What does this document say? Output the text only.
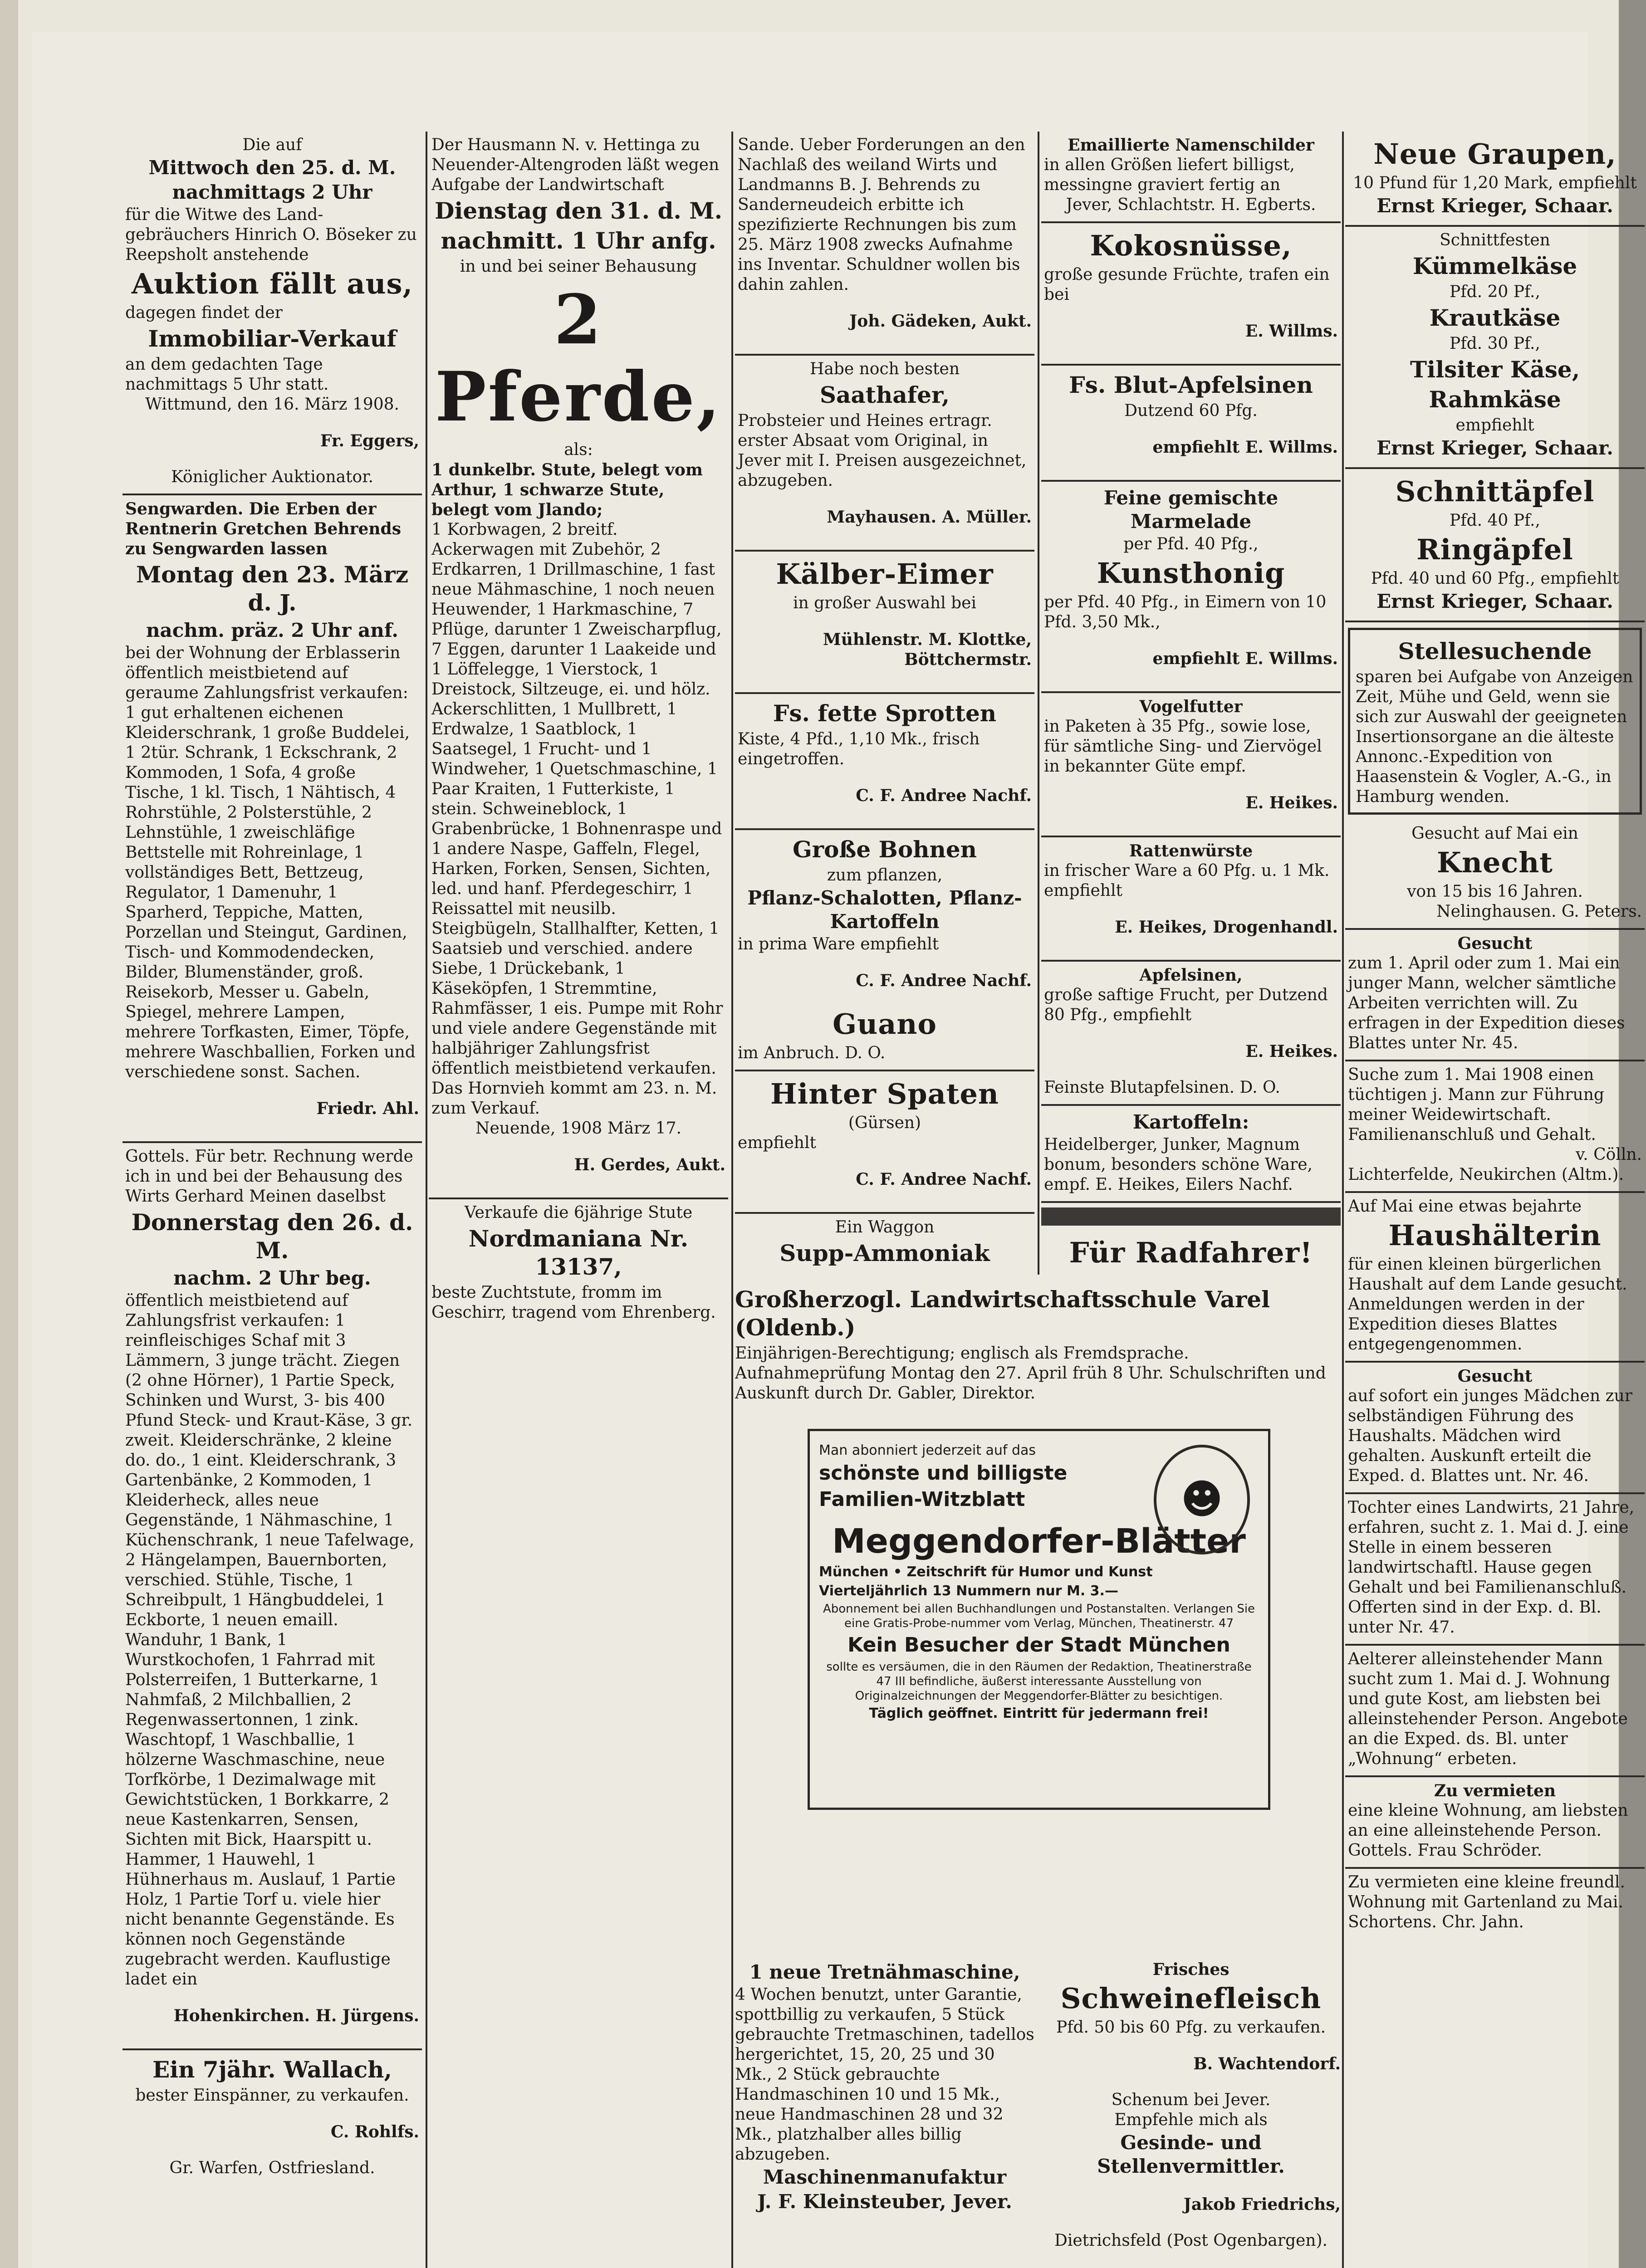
Die auf

Mittwoch den 25. d. M.

nachmittags 2 Uhr

für die Witwe des Land-gebräuchers Hinrich O. Böseker zu Reepsholt anstehende

Auktion fällt aus,

dagegen findet der

Immobiliar-Verkauf

an dem gedachten Tage nachmittags 5 Uhr statt.

Wittmund, den 16. März 1908.

Fr. Eggers,

Königlicher Auktionator.

Sengwarden. Die Erben der Rentnerin Gretchen Behrends zu Sengwarden lassen

Montag den 23. März d. J.

nachm. präz. 2 Uhr anf.

bei der Wohnung der Erblasserin öffentlich meistbietend auf geraume Zahlungsfrist verkaufen: 1 gut erhaltenen eichenen Kleiderschrank, 1 große Buddelei, 1 2tür. Schrank, 1 Eckschrank, 2 Kommoden, 1 Sofa, 4 große Tische, 1 kl. Tisch, 1 Nähtisch, 4 Rohrstühle, 2 Polsterstühle, 2 Lehnstühle, 1 zweischläfige Bettstelle mit Rohreinlage, 1 vollständiges Bett, Bettzeug, Regulator, 1 Damenuhr, 1 Sparherd, Teppiche, Matten, Porzellan und Steingut, Gardinen, Tisch- und Kommodendecken, Bilder, Blumenständer, groß. Reisekorb, Messer u. Gabeln, Spiegel, mehrere Lampen, mehrere Torfkasten, Eimer, Töpfe, mehrere Waschballien, Forken und verschiedene sonst. Sachen.

Friedr. Ahl.

Gottels. Für betr. Rechnung werde ich in und bei der Behausung des Wirts Gerhard Meinen daselbst

Donnerstag den 26. d. M.

nachm. 2 Uhr beg.

öffentlich meistbietend auf Zahlungsfrist verkaufen: 1 reinfleischiges Schaf mit 3 Lämmern, 3 junge trächt. Ziegen (2 ohne Hörner), 1 Partie Speck, Schinken und Wurst, 3- bis 400 Pfund Steck- und Kraut-Käse, 3 gr. zweit. Kleiderschränke, 2 kleine do. do., 1 eint. Kleiderschrank, 3 Gartenbänke, 2 Kommoden, 1 Kleiderheck, alles neue Gegenstände, 1 Nähmaschine, 1 Küchenschrank, 1 neue Tafelwage, 2 Hängelampen, Bauernborten, verschied. Stühle, Tische, 1 Schreibpult, 1 Hängbuddelei, 1 Eckborte, 1 neuen emaill. Wanduhr, 1 Bank, 1 Wurstkochofen, 1 Fahrrad mit Polsterreifen, 1 Butterkarne, 1 Nahmfaß, 2 Milchballien, 2 Regenwassertonnen, 1 zink. Waschtopf, 1 Waschballie, 1 hölzerne Waschmaschine, neue Torfkörbe, 1 Dezimalwage mit Gewichtstücken, 1 Borkkarre, 2 neue Kastenkarren, Sensen, Sichten mit Bick, Haarspitt u. Hammer, 1 Hauwehl, 1 Hühnerhaus m. Auslauf, 1 Partie Holz, 1 Partie Torf u. viele hier nicht benannte Gegenstände. Es können noch Gegenstände zugebracht werden. Kauflustige ladet ein

Hohenkirchen. H. Jürgens.

Ein 7jähr. Wallach,

bester Einspänner, zu verkaufen.

C. Rohlfs.

Gr. Warfen, Ostfriesland.

Der Hausmann N. v. Hettinga zu Neuender-Altengroden läßt wegen Aufgabe der Landwirtschaft

Dienstag den 31. d. M.

nachmitt. 1 Uhr anfg.

in und bei seiner Behausung

2 Pferde,

als:

1 dunkelbr. Stute, belegt vom Arthur, 1 schwarze Stute, belegt vom Jlando;

1 Korbwagen, 2 breitf. Ackerwagen mit Zubehör, 2 Erdkarren, 1 Drillmaschine, 1 fast neue Mähmaschine, 1 noch neuen Heuwender, 1 Harkmaschine, 7 Pflüge, darunter 1 Zweischarpflug, 7 Eggen, darunter 1 Laakeide und 1 Löffelegge, 1 Vierstock, 1 Dreistock, Siltzeuge, ei. und hölz. Ackerschlitten, 1 Mullbrett, 1 Erdwalze, 1 Saatblock, 1 Saatsegel, 1 Frucht- und 1 Windweher, 1 Quetschmaschine, 1 Paar Kraiten, 1 Futterkiste, 1 stein. Schweineblock, 1 Grabenbrücke, 1 Bohnenraspe und 1 andere Naspe, Gaffeln, Flegel, Harken, Forken, Sensen, Sichten, led. und hanf. Pferdegeschirr, 1 Reissattel mit neusilb. Steigbügeln, Stallhalfter, Ketten, 1 Saatsieb und verschied. andere Siebe, 1 Drückebank, 1 Käseköpfen, 1 Stremmtine, Rahmfässer, 1 eis. Pumpe mit Rohr und viele andere Gegenstände mit halbjähriger Zahlungsfrist öffentlich meistbietend verkaufen. Das Hornvieh kommt am 23. n. M. zum Verkauf.

Neuende, 1908 März 17.

H. Gerdes, Aukt.

Verkaufe die 6jährige Stute

Nordmaniana Nr. 13137,

beste Zuchtstute, fromm im Geschirr, tragend vom Ehrenberg.

Sande. Ueber Forderungen an den Nachlaß des weiland Wirts und Landmanns B. J. Behrends zu Sanderneudeich erbitte ich spezifizierte Rechnungen bis zum 25. März 1908 zwecks Aufnahme ins Inventar. Schuldner wollen bis dahin zahlen.

Joh. Gädeken, Aukt.

Habe noch besten

Saathafer,

Probsteier und Heines ertragr. erster Absaat vom Original, in Jever mit I. Preisen ausgezeichnet, abzugeben.

Mayhausen. A. Müller.

Kälber-Eimer

in großer Auswahl bei

Mühlenstr. M. Klottke, Böttchermstr.

Fs. fette Sprotten

Kiste, 4 Pfd., 1,10 Mk., frisch eingetroffen.

C. F. Andree Nachf.

Große Bohnen

zum pflanzen,

Pflanz-Schalotten, Pflanz-Kartoffeln

in prima Ware empfiehlt

C. F. Andree Nachf.

Guano

im Anbruch. D. O.

Hinter Spaten

(Gürsen)

empfiehlt

C. F. Andree Nachf.

Ein Waggon

Supp-Ammoniak

Emaillierte Namenschilder

in allen Größen liefert billigst, messingne graviert fertig an

Jever, Schlachtstr. H. Egberts.

Kokosnüsse,

große gesunde Früchte, trafen ein bei

E. Willms.

Fs. Blut-Apfelsinen

Dutzend 60 Pfg.

empfiehlt E. Willms.

Feine gemischte Marmelade

per Pfd. 40 Pfg.,

Kunsthonig

per Pfd. 40 Pfg., in Eimern von 10 Pfd. 3,50 Mk.,

empfiehlt E. Willms.

Vogelfutter

in Paketen à 35 Pfg., sowie lose, für sämtliche Sing- und Ziervögel in bekannter Güte empf.

E. Heikes.

Rattenwürste

in frischer Ware a 60 Pfg. u. 1 Mk. empfiehlt

E. Heikes, Drogenhandl.

Apfelsinen,

große saftige Frucht, per Dutzend 80 Pfg., empfiehlt

E. Heikes.

Feinste Blutapfelsinen. D. O.

Kartoffeln:

Heidelberger, Junker, Magnum bonum, besonders schöne Ware, empf. E. Heikes, Eilers Nachf.

Für Radfahrer!

Neue Graupen,

10 Pfund für 1,20 Mark, empfiehlt

Ernst Krieger, Schaar.

Schnittfesten

Kümmelkäse

Pfd. 20 Pf.,

Krautkäse

Pfd. 30 Pf.,

Tilsiter Käse,

Rahmkäse

empfiehlt

Ernst Krieger, Schaar.

Schnittäpfel

Pfd. 40 Pf.,

Ringäpfel

Pfd. 40 und 60 Pfg., empfiehlt

Ernst Krieger, Schaar.

Stellesuchende

sparen bei Aufgabe von Anzeigen Zeit, Mühe und Geld, wenn sie sich zur Auswahl der geeigneten Insertionsorgane an die älteste Annonc.-Expedition von Haasenstein & Vogler, A.-G., in Hamburg wenden.

Gesucht auf Mai ein

Knecht

von 15 bis 16 Jahren.

Nelinghausen. G. Peters.

Gesucht

zum 1. April oder zum 1. Mai ein junger Mann, welcher sämtliche Arbeiten verrichten will. Zu erfragen in der Expedition dieses Blattes unter Nr. 45.

Suche zum 1. Mai 1908 einen tüchtigen j. Mann zur Führung meiner Weidewirtschaft. Familienanschluß und Gehalt.

v. Cölln.

Lichterfelde, Neukirchen (Altm.).

Auf Mai eine etwas bejahrte

Haushälterin

für einen kleinen bürgerlichen Haushalt auf dem Lande gesucht. Anmeldungen werden in der Expedition dieses Blattes entgegengenommen.

Gesucht

auf sofort ein junges Mädchen zur selbständigen Führung des Haushalts. Mädchen wird gehalten. Auskunft erteilt die Exped. d. Blattes unt. Nr. 46.

Tochter eines Landwirts, 21 Jahre, erfahren, sucht z. 1. Mai d. J. eine Stelle in einem besseren landwirtschaftl. Hause gegen Gehalt und bei Familienanschluß. Offerten sind in der Exp. d. Bl. unter Nr. 47.

Aelterer alleinstehender Mann sucht zum 1. Mai d. J. Wohnung und gute Kost, am liebsten bei alleinstehender Person. Angebote an die Exped. ds. Bl. unter „Wohnung“ erbeten.

Zu vermieten

eine kleine Wohnung, am liebsten an eine alleinstehende Person.

Gottels. Frau Schröder.

Zu vermieten eine kleine freundl. Wohnung mit Gartenland zu Mai.

Schortens. Chr. Jahn.

Großherzogl. Landwirtschaftsschule Varel (Oldenb.)

Einjährigen-Berechtigung; englisch als Fremdsprache. Aufnahmeprüfung Montag den 27. April früh 8 Uhr. Schulschriften und Auskunft durch Dr. Gabler, Direktor.

☻

Man abonniert jederzeit auf das

schönste und billigste

Familien-Witzblatt

Meggendorfer-Blätter

München • Zeitschrift für Humor und Kunst

Vierteljährlich 13 Nummern nur M. 3.—

Abonnement bei allen Buchhandlungen und Postanstalten. Verlangen Sie eine Gratis-Probe-nummer vom Verlag, München, Theatinerstr. 47

Kein Besucher der Stadt München

sollte es versäumen, die in den Räumen der Redaktion, Theatinerstraße 47 III befindliche, äußerst interessante Ausstellung von Originalzeichnungen der Meggendorfer-Blätter zu besichtigen.

Täglich geöffnet. Eintritt für jedermann frei!

1 neue Tretnähmaschine,

4 Wochen benutzt, unter Garantie, spottbillig zu verkaufen, 5 Stück gebrauchte Tretmaschinen, tadellos hergerichtet, 15, 20, 25 und 30 Mk., 2 Stück gebrauchte Handmaschinen 10 und 15 Mk., neue Handmaschinen 28 und 32 Mk., platzhalber alles billig abzugeben.

Maschinenmanufaktur

J. F. Kleinsteuber, Jever.

Frisches

Schweinefleisch

Pfd. 50 bis 60 Pfg. zu verkaufen.

B. Wachtendorf.

Schenum bei Jever.

Empfehle mich als

Gesinde- und Stellenvermittler.

Jakob Friedrichs,

Dietrichsfeld (Post Ogenbargen).
